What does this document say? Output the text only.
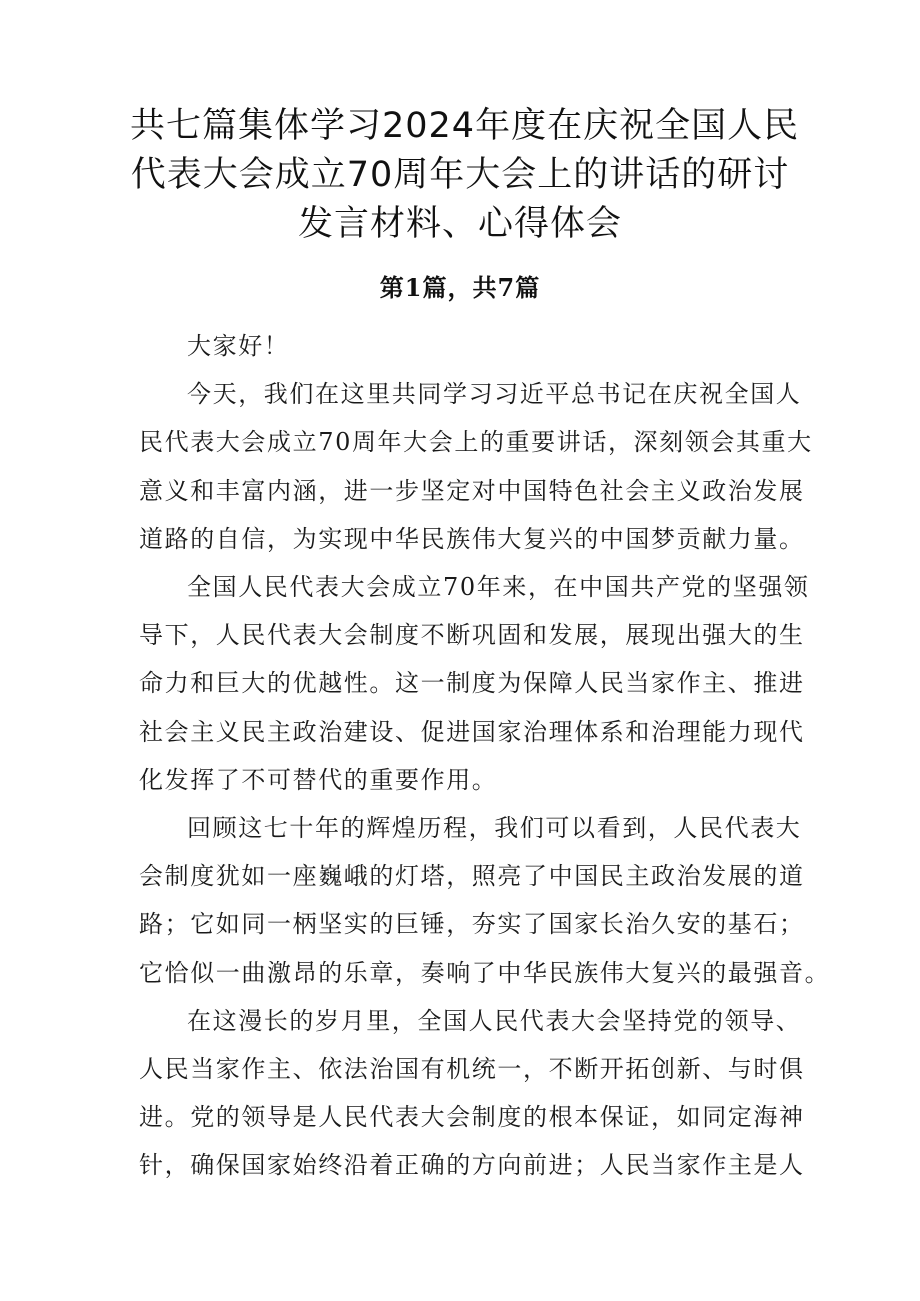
共七篇集体学习2024年度在庆祝全国人民
代表大会成立70周年大会上的讲话的研讨
发言材料、心得体会
第1篇，共7篇
大家好！
今天，我们在这里共同学习习近平总书记在庆祝全国人
民代表大会成立70周年大会上的重要讲话，深刻领会其重大
意义和丰富内涵，进一步坚定对中国特色社会主义政治发展
道路的自信，为实现中华民族伟大复兴的中国梦贡献力量。
全国人民代表大会成立70年来，在中国共产党的坚强领
导下，人民代表大会制度不断巩固和发展，展现出强大的生
命力和巨大的优越性。这一制度为保障人民当家作主、推进
社会主义民主政治建设、促进国家治理体系和治理能力现代
化发挥了不可替代的重要作用。
回顾这七十年的辉煌历程，我们可以看到，人民代表大
会制度犹如一座巍峨的灯塔，照亮了中国民主政治发展的道
路；它如同一柄坚实的巨锤，夯实了国家长治久安的基石；
它恰似一曲激昂的乐章，奏响了中华民族伟大复兴的最强音。
在这漫长的岁月里，全国人民代表大会坚持党的领导、
人民当家作主、依法治国有机统一，不断开拓创新、与时俱
进。党的领导是人民代表大会制度的根本保证，如同定海神
针，确保国家始终沿着正确的方向前进；人民当家作主是人
